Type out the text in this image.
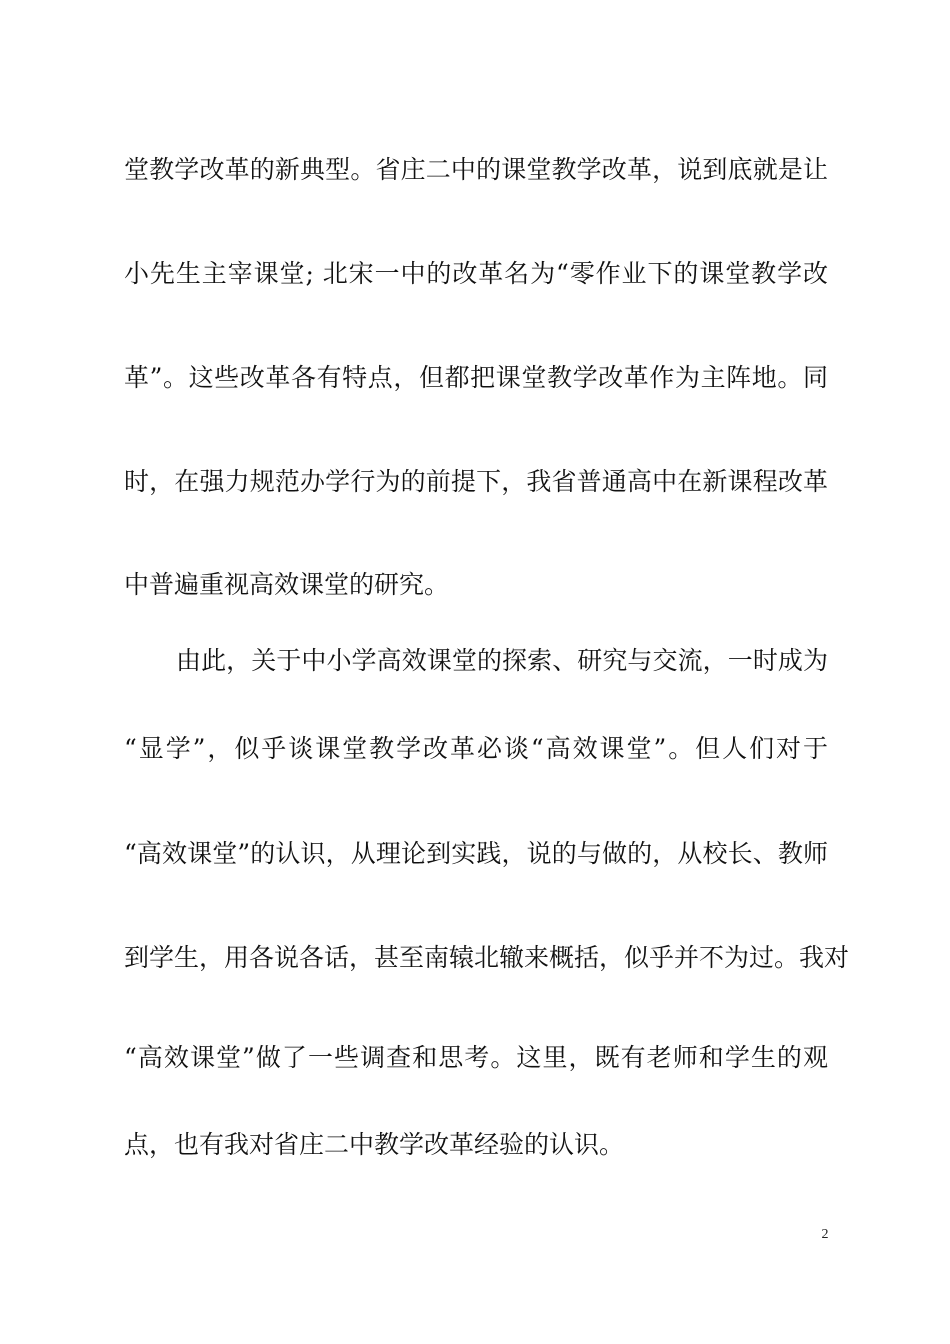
堂教学改革的新典型。省庄二中的课堂教学改革，说到底就是让
小先生主宰课堂; 北宋一中的改革名为“零作业下的课堂教学改
革”。这些改革各有特点，但都把课堂教学改革作为主阵地。同
时，在强力规范办学行为的前提下，我省普通高中在新课程改革
中普遍重视高效课堂的研究。
由此，关于中小学高效课堂的探索、研究与交流，一时成为
“显学”，似乎谈课堂教学改革必谈“高效课堂”。但人们对于
“高效课堂”的认识，从理论到实践，说的与做的，从校长、教师
到学生，用各说各话，甚至南辕北辙来概括，似乎并不为过。我对
“高效课堂”做了一些调查和思考。这里，既有老师和学生的观
点，也有我对省庄二中教学改革经验的认识。
2
